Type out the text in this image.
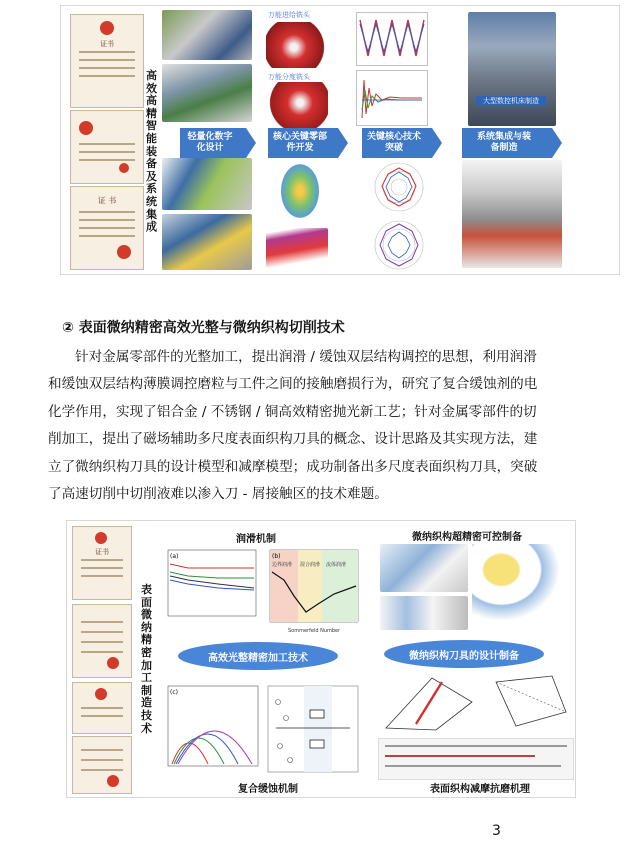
证书
证 书
高效高精智能装备及系统集成
万能进给铣头
万能分度铣头
大型数控机床制造
轻量化数字化设计
核心关键零部件开发
关键核心技术突破
系统集成与装备制造
② 表面微纳精密高效光整与微纳织构切削技术
针对金属零部件的光整加工，提出润滑 / 缓蚀双层结构调控的思想，利用润滑
和缓蚀双层结构薄膜调控磨粒与工件之间的接触磨损行为，研究了复合缓蚀剂的电
化学作用，实现了铝合金 / 不锈钢 / 铜高效精密抛光新工艺；针对金属零部件的切
削加工，提出了磁场辅助多尺度表面织构刀具的概念、设计思路及其实现方法，建
立了微纳织构刀具的设计模型和减摩模型；成功制备出多尺度表面织构刀具，突破
了高速切削中切削液难以渗入刀 - 屑接触区的技术难题。
证书
表面微纳精密加工制造技术
润滑机制
(a)	(b)
边界润滑 混合润滑 流体润滑
Sommerfeld Number
微纳织构超精密可控制备
高效光整精密加工技术	微纳织构刀具的设计制备
(c)
复合缓蚀机制	表面织构减摩抗磨机理
3
